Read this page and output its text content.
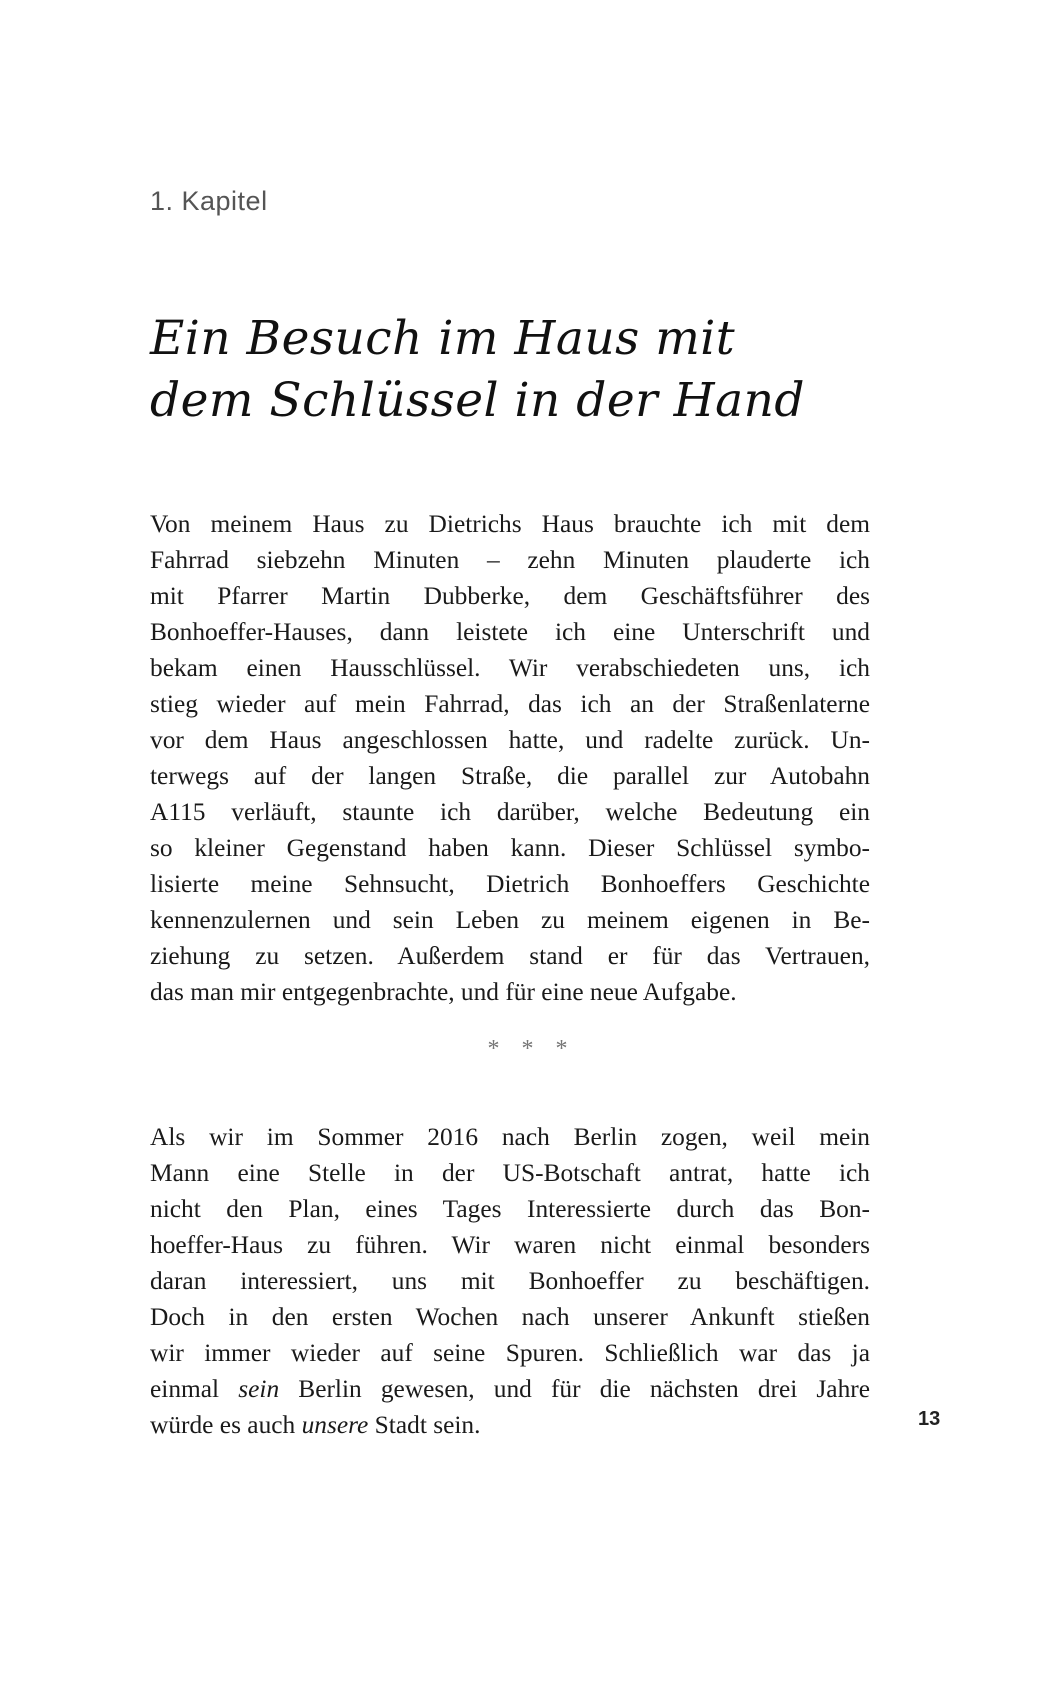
1. Kapitel
Ein Besuch im Haus mit
dem Schlüssel in der Hand
Von meinem Haus zu Dietrichs Haus brauchte ich mit dem
Fahrrad siebzehn Minuten – zehn Minuten plauderte ich
mit Pfarrer Martin Dubberke, dem Geschäftsführer des
Bonhoeffer-Hauses, dann leistete ich eine Unterschrift und
bekam einen Hausschlüssel. Wir verabschiedeten uns, ich
stieg wieder auf mein Fahrrad, das ich an der Straßenlaterne
vor dem Haus angeschlossen hatte, und radelte zurück. Un-
terwegs auf der langen Straße, die parallel zur Autobahn
A115 verläuft, staunte ich darüber, welche Bedeutung ein
so kleiner Gegenstand haben kann. Dieser Schlüssel symbo-
lisierte meine Sehnsucht, Dietrich Bonhoeffers Geschichte
kennenzulernen und sein Leben zu meinem eigenen in Be-
ziehung zu setzen. Außerdem stand er für das Vertrauen,
das man mir entgegenbrachte, und für eine neue Aufgabe.
* * *
Als wir im Sommer 2016 nach Berlin zogen, weil mein
Mann eine Stelle in der US-Botschaft antrat, hatte ich
nicht den Plan, eines Tages Interessierte durch das Bon-
hoeffer-Haus zu führen. Wir waren nicht einmal besonders
daran interessiert, uns mit Bonhoeffer zu beschäftigen.
Doch in den ersten Wochen nach unserer Ankunft stießen
wir immer wieder auf seine Spuren. Schließlich war das ja
einmal sein Berlin gewesen, und für die nächsten drei Jahre
würde es auch unsere Stadt sein.	13
